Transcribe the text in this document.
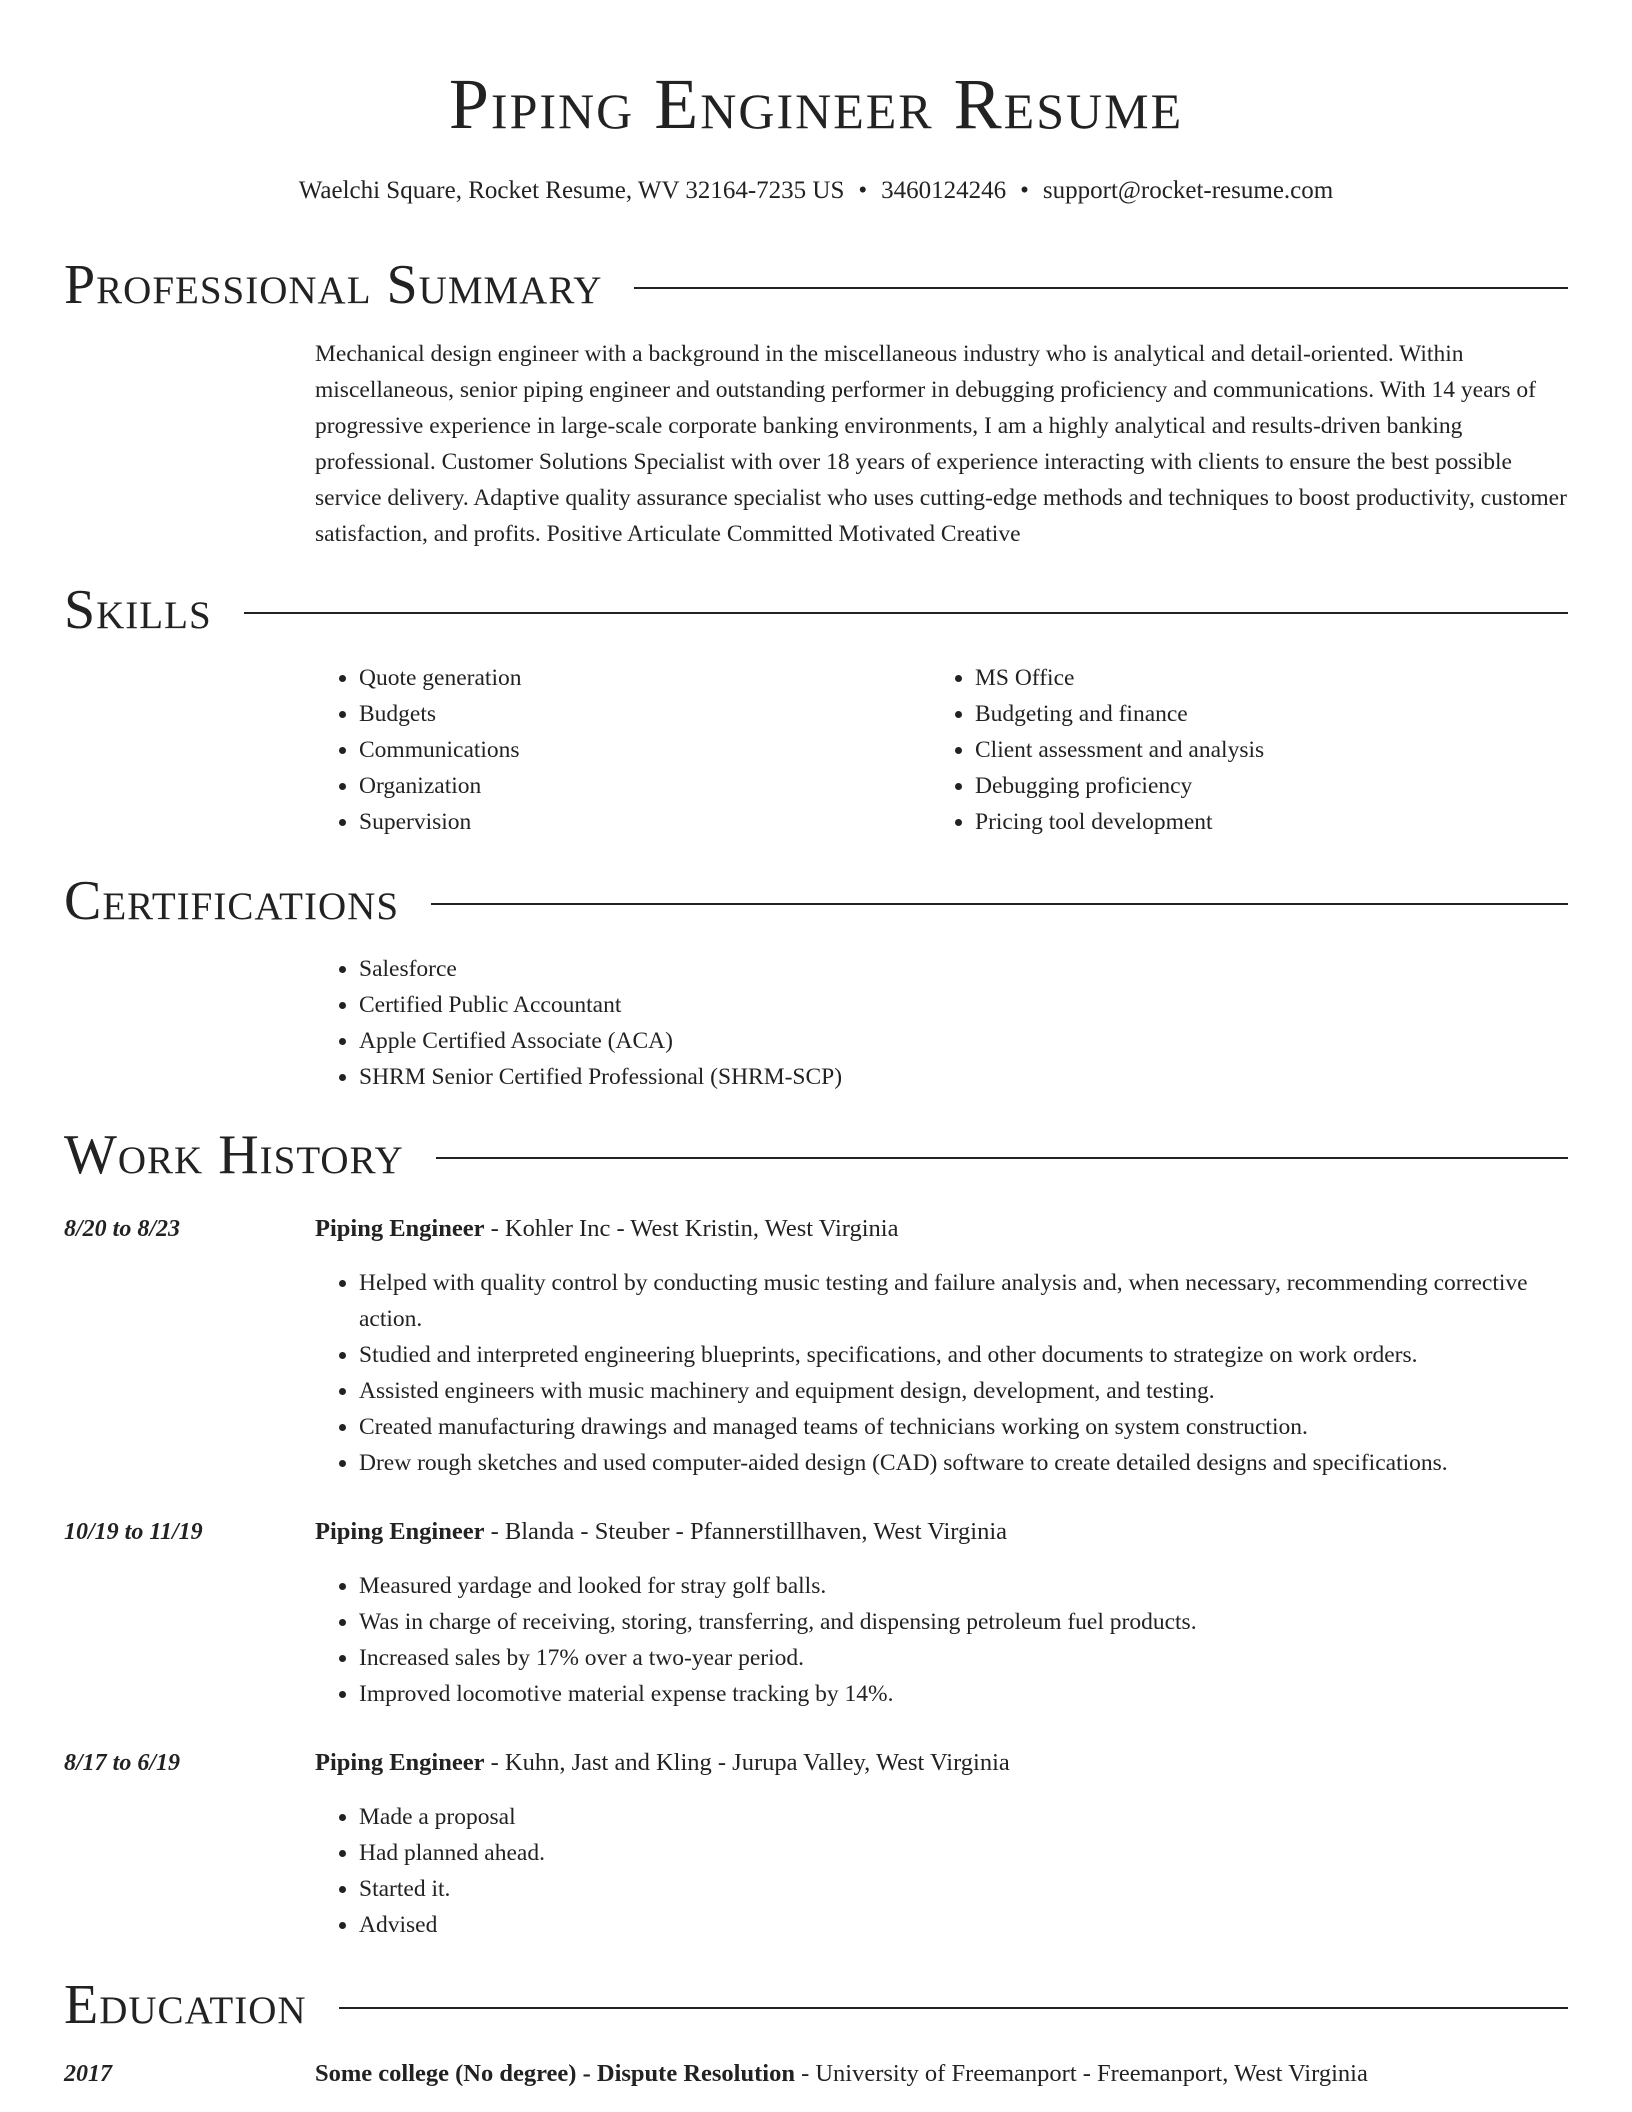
Piping Engineer Resume
Waelchi Square, Rocket Resume, WV 32164-7235 US • 3460124246 • support@rocket-resume.com
Professional Summary

Mechanical design engineer with a background in the miscellaneous industry who is analytical and detail-oriented. Within miscellaneous, senior piping engineer and outstanding performer in debugging proficiency and communications. With 14 years of progressive experience in large-scale corporate banking environments, I am a highly analytical and results-driven banking professional. Customer Solutions Specialist with over 18 years of experience interacting with clients to ensure the best possible service delivery. Adaptive quality assurance specialist who uses cutting-edge methods and techniques to boost productivity, customer satisfaction, and profits. Positive Articulate Committed Motivated Creative

Skills
• Quote generation
• Budgets
• Communications
• Organization
• Supervision
• MS Office
• Budgeting and finance
• Client assessment and analysis
• Debugging proficiency
• Pricing tool development
Certifications
• Salesforce
• Certified Public Accountant
• Apple Certified Associate (ACA)
• SHRM Senior Certified Professional (SHRM-SCP)
Work History
8/20 to 8/23	Piping Engineer - Kohler Inc - West Kristin, West Virginia
• Helped with quality control by conducting music testing and failure analysis and, when necessary, recommending corrective action.
• Studied and interpreted engineering blueprints, specifications, and other documents to strategize on work orders.
• Assisted engineers with music machinery and equipment design, development, and testing.
• Created manufacturing drawings and managed teams of technicians working on system construction.
• Drew rough sketches and used computer-aided design (CAD) software to create detailed designs and specifications.
10/19 to 11/19	Piping Engineer - Blanda - Steuber - Pfannerstillhaven, West Virginia
• Measured yardage and looked for stray golf balls.
• Was in charge of receiving, storing, transferring, and dispensing petroleum fuel products.
• Increased sales by 17% over a two-year period.
• Improved locomotive material expense tracking by 14%.
8/17 to 6/19	Piping Engineer - Kuhn, Jast and Kling - Jurupa Valley, West Virginia
• Made a proposal
• Had planned ahead.
• Started it.
• Advised
Education
2017	Some college (No degree) - Dispute Resolution - University of Freemanport - Freemanport, West Virginia
